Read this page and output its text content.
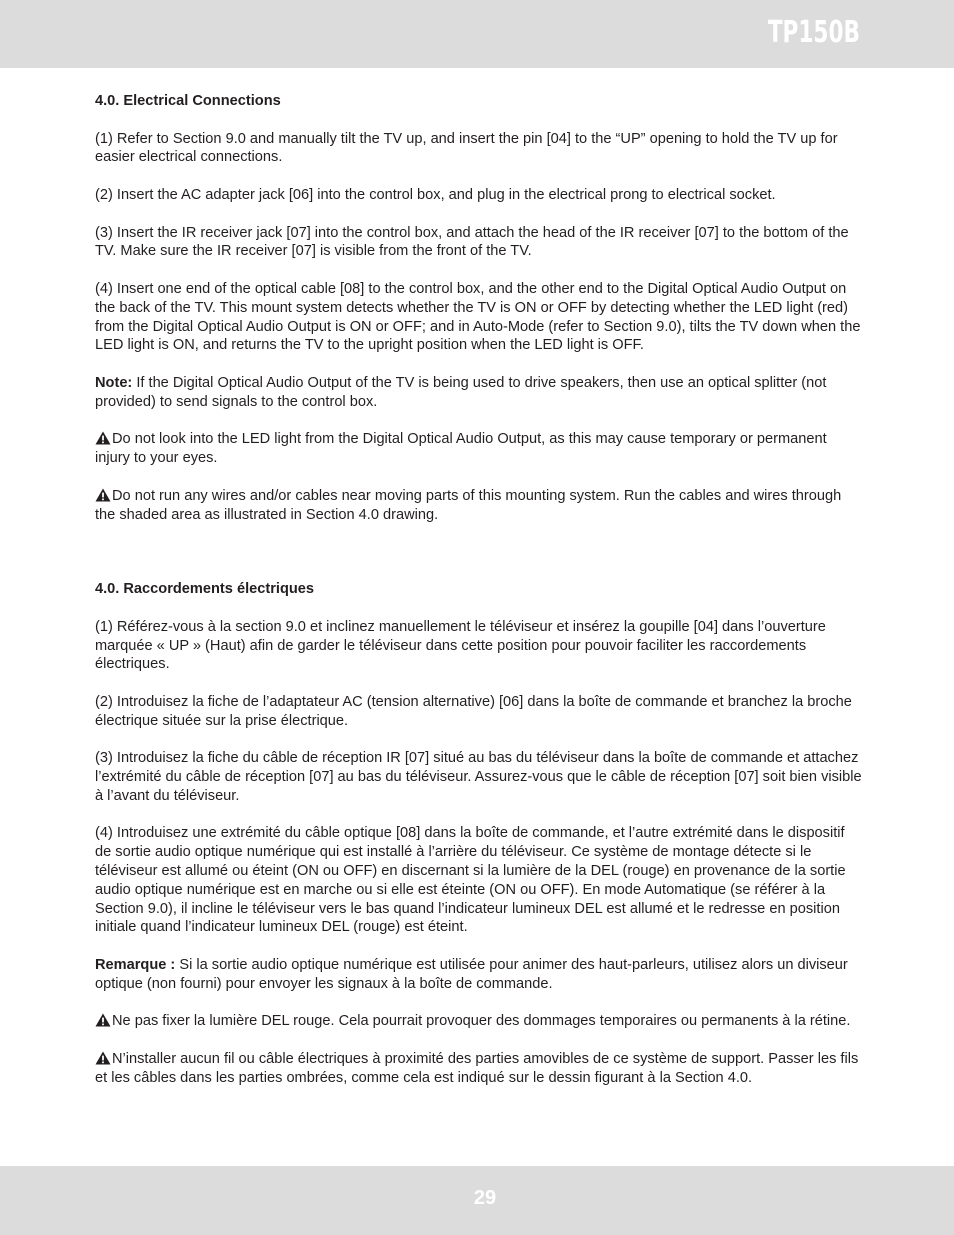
TP150B
4.0. Electrical Connections
(1) Refer to Section 9.0 and manually tilt the TV up, and insert the pin [04] to the “UP” opening to hold the TV up for easier electrical connections.
(2) Insert the AC adapter jack [06] into the control box, and plug in the electrical prong to electrical socket.
(3) Insert the IR receiver jack [07] into the control box, and attach the head of the IR receiver [07] to the bottom of the TV. Make sure the IR receiver [07] is visible from the front of the TV.
(4) Insert one end of the optical cable [08] to the control box, and the other end to the Digital Optical Audio Output on the back of the TV. This mount system detects whether the TV is ON or OFF by detecting whether the LED light (red) from the Digital Optical Audio Output is ON or OFF; and in Auto-Mode (refer to Section 9.0), tilts the TV down when the LED light is ON, and returns the TV to the upright position when the LED light is OFF.
Note: If the Digital Optical Audio Output of the TV is being used to drive speakers, then use an optical splitter (not provided) to send signals to the control box.
Do not look into the LED light from the Digital Optical Audio Output, as this may cause temporary or permanent injury to your eyes.
Do not run any wires and/or cables near moving parts of this mounting system. Run the cables and wires through the shaded area as illustrated in Section 4.0 drawing.
4.0. Raccordements électriques
(1) Référez-vous à la section 9.0 et inclinez manuellement le téléviseur et insérez la goupille [04] dans l’ouverture marquée « UP » (Haut) afin de garder le téléviseur dans cette position pour pouvoir faciliter les raccordements électriques.
(2) Introduisez la fiche de l’adaptateur AC (tension alternative) [06] dans la boîte de commande et branchez la broche électrique située sur la prise électrique.
(3) Introduisez la fiche du câble de réception IR [07] situé au bas du téléviseur dans la boîte de commande et attachez l’extrémité du câble de réception [07] au bas du téléviseur. Assurez-vous que le câble de réception [07] soit bien visible à l’avant du téléviseur.
(4) Introduisez une extrémité du câble optique [08] dans la boîte de commande, et l’autre extrémité dans le dispositif de sortie audio optique numérique qui est installé à l’arrière du téléviseur. Ce système de montage détecte si le téléviseur est allumé ou éteint (ON ou OFF) en discernant si la lumière de la DEL (rouge) en provenance de la sortie audio optique numérique est en marche ou si elle est éteinte (ON ou OFF). En mode Automatique (se référer à la Section 9.0), il incline le téléviseur vers le bas quand l’indicateur lumineux DEL est allumé et le redresse en position initiale quand l’indicateur lumineux DEL (rouge) est éteint.
Remarque : Si la sortie audio optique numérique est utilisée pour animer des haut-parleurs, utilisez alors un diviseur optique (non fourni) pour envoyer les signaux à la boîte de commande.
Ne pas fixer la lumière DEL rouge. Cela pourrait provoquer des dommages temporaires ou permanents à la rétine.
N’installer aucun fil ou câble électriques à proximité des parties amovibles de ce système de support. Passer les fils et les câbles dans les parties ombrées, comme cela est indiqué sur le dessin figurant à la Section 4.0.
29
